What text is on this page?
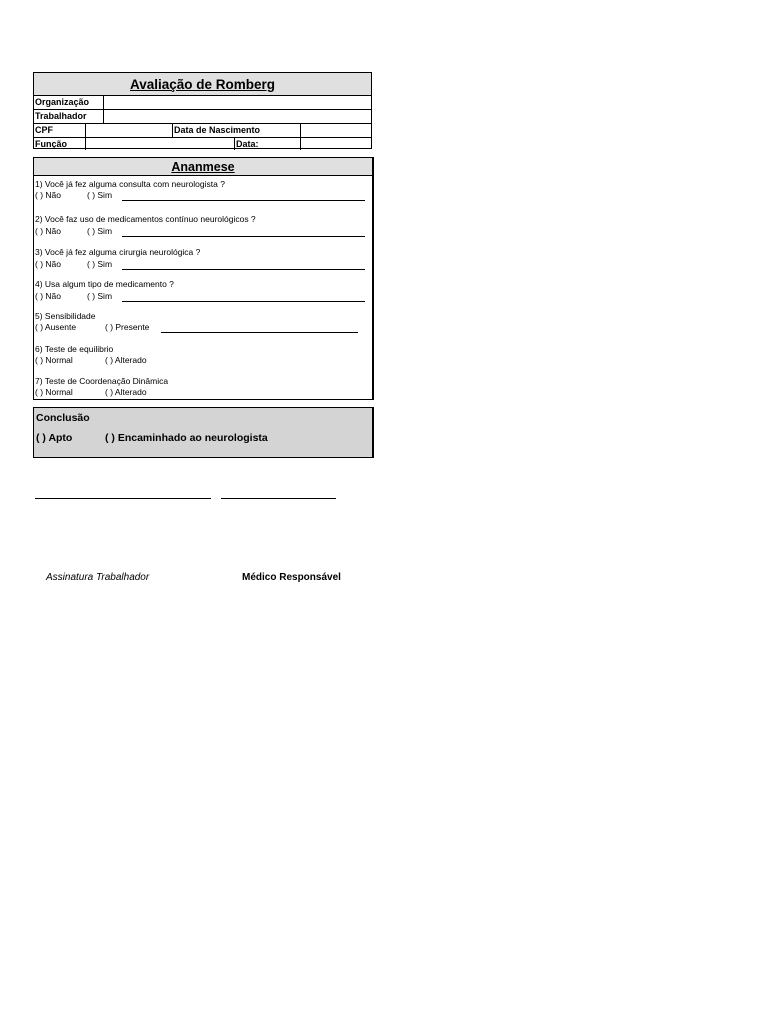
Avaliação de Romberg
Organização
Trabalhador
CPF	Data de Nascimento
Função	Data:
Ananmese
1) Você já fez alguma consulta com neurologista ?
( ) Não	( ) Sim
2) Você faz uso de medicamentos contínuo neurológicos ?
( ) Não	( ) Sim
3) Você já fez alguma cirurgia neurológica ?
( ) Não	( ) Sim
4) Usa algum tipo de medicamento ?
( ) Não	( ) Sim
5) Sensibilidade
( ) Ausente	( ) Presente
6) Teste de equilibrio
( ) Normal	( ) Alterado
7) Teste de Coordenação Dinâmica
( ) Normal	( ) Alterado
Conclusão
( ) Apto	( ) Encaminhado ao neurologista
Assinatura Trabalhador	Médico Responsável
